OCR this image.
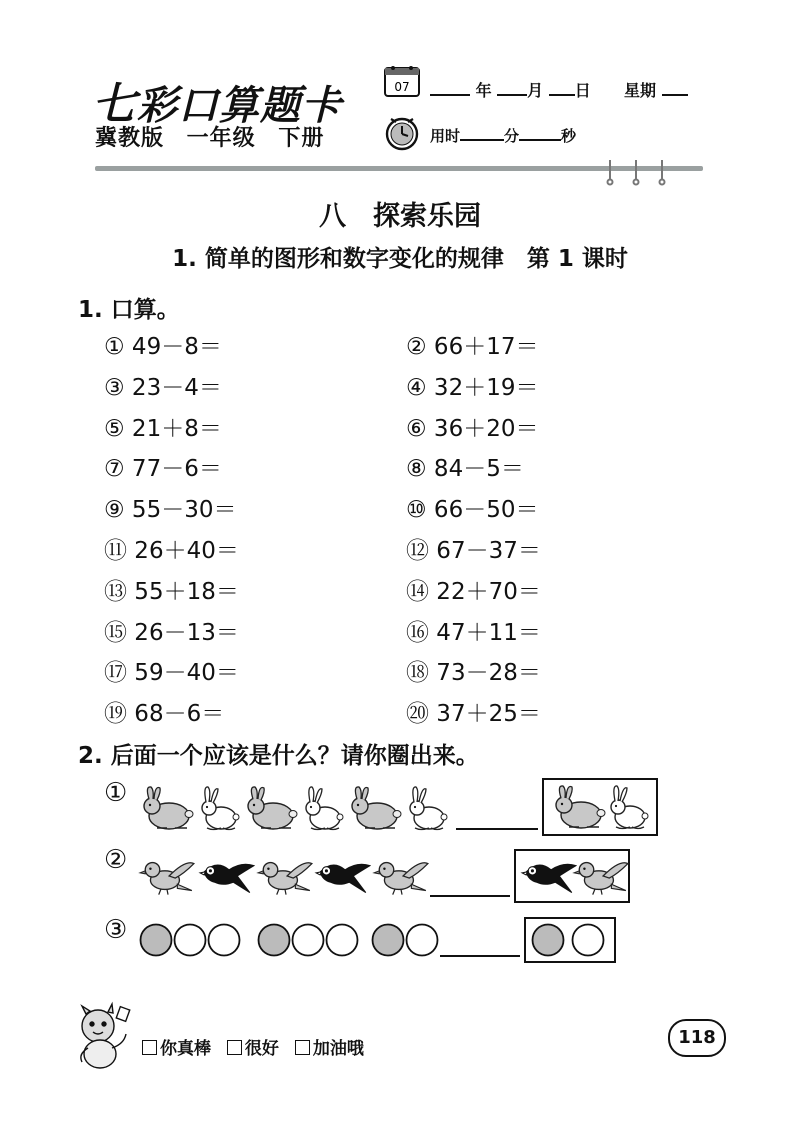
七彩口算题卡
冀教版 一年级 下册
07	年 月 日 星期
用时	分	秒
八　探索乐园
1. 简单的图形和数字变化的规律　第 1 课时
1. 口算。
① 49－8＝	② 66＋17＝
③ 23－4＝	④ 32＋19＝
⑤ 21＋8＝	⑥ 36＋20＝
⑦ 77－6＝	⑧ 84－5＝
⑨ 55－30＝	⑩ 66－50＝
⑪ 26＋40＝	⑫ 67－37＝
⑬ 55＋18＝	⑭ 22＋70＝
⑮ 26－13＝	⑯ 47＋11＝
⑰ 59－40＝	⑱ 73－28＝
⑲ 68－6＝	⑳ 37＋25＝
2. 后面一个应该是什么？请你圈出来。
①
②
③
你真棒 很好 加油哦
118
